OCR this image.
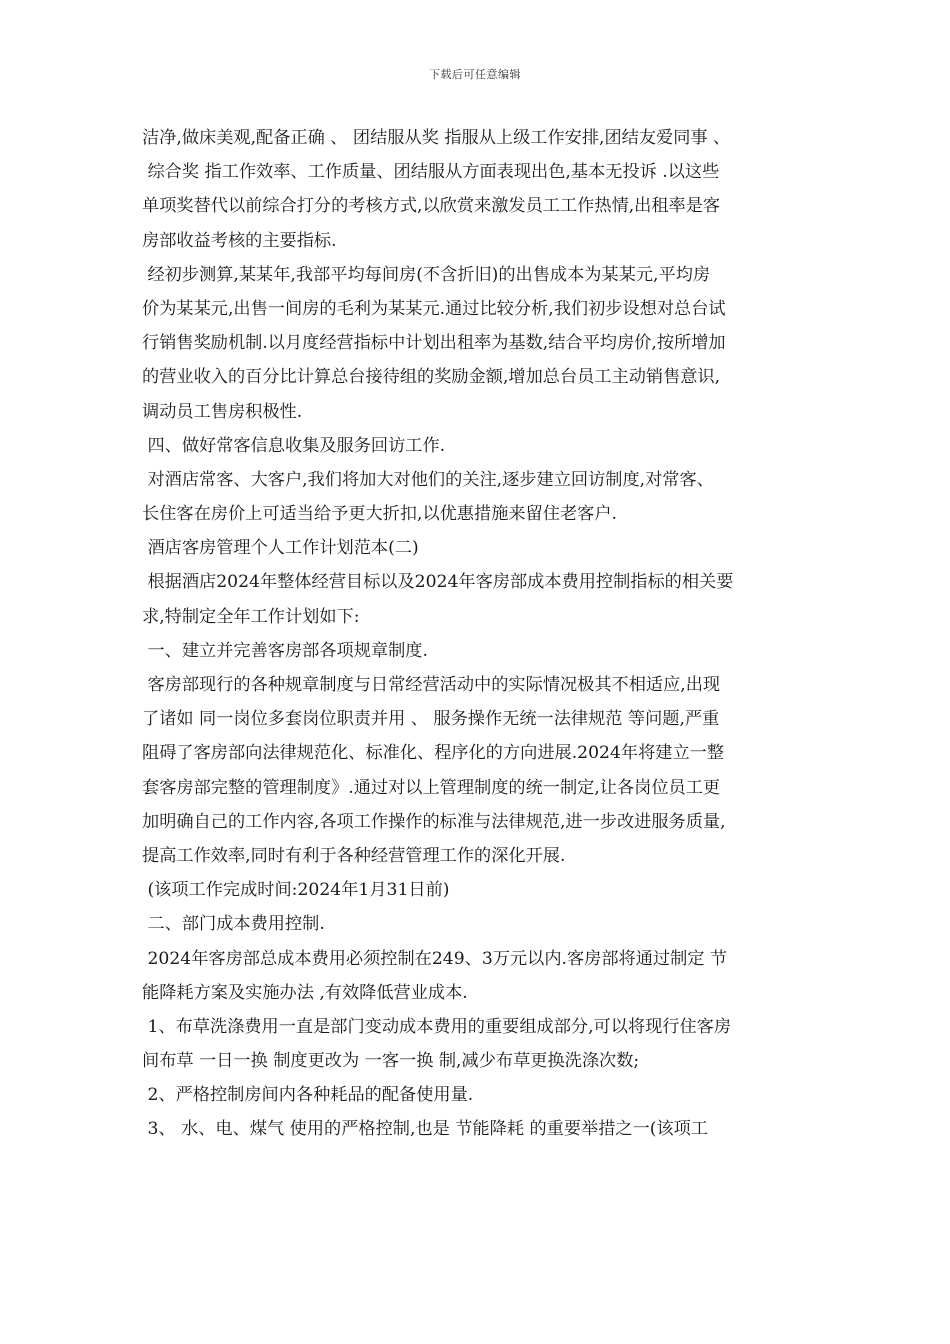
下载后可任意编辑
洁净,做床美观,配备正确 、 团结服从奖 指服从上级工作安排,团结友爱同事 、
综合奖 指工作效率、工作质量、团结服从方面表现出色,基本无投诉 .以这些
单项奖替代以前综合打分的考核方式,以欣赏来激发员工工作热情,出租率是客
房部收益考核的主要指标.
经初步测算,某某年,我部平均每间房(不含折旧)的出售成本为某某元,平均房
价为某某元,出售一间房的毛利为某某元.通过比较分析,我们初步设想对总台试
行销售奖励机制.以月度经营指标中计划出租率为基数,结合平均房价,按所增加
的营业收入的百分比计算总台接待组的奖励金额,增加总台员工主动销售意识,
调动员工售房积极性.
四、做好常客信息收集及服务回访工作.
对酒店常客、大客户,我们将加大对他们的关注,逐步建立回访制度,对常客、
长住客在房价上可适当给予更大折扣,以优惠措施来留住老客户.
酒店客房管理个人工作计划范本(二)
根据酒店2024年整体经营目标以及2024年客房部成本费用控制指标的相关要
求,特制定全年工作计划如下:
一、建立并完善客房部各项规章制度.
客房部现行的各种规章制度与日常经营活动中的实际情况极其不相适应,出现
了诸如 同一岗位多套岗位职责并用 、 服务操作无统一法律规范 等问题,严重
阻碍了客房部向法律规范化、标准化、程序化的方向进展.2024年将建立一整
套客房部完整的管理制度》.通过对以上管理制度的统一制定,让各岗位员工更
加明确自己的工作内容,各项工作操作的标准与法律规范,进一步改进服务质量,
提高工作效率,同时有利于各种经营管理工作的深化开展.
(该项工作完成时间:2024年1月31日前)
二、部门成本费用控制.
2024年客房部总成本费用必须控制在249、3万元以内.客房部将通过制定 节
能降耗方案及实施办法 ,有效降低营业成本.
1、布草洗涤费用一直是部门变动成本费用的重要组成部分,可以将现行住客房
间布草 一日一换 制度更改为 一客一换 制,减少布草更换洗涤次数;
2、严格控制房间内各种耗品的配备使用量.
3、 水、电、煤气 使用的严格控制,也是 节能降耗 的重要举措之一(该项工
